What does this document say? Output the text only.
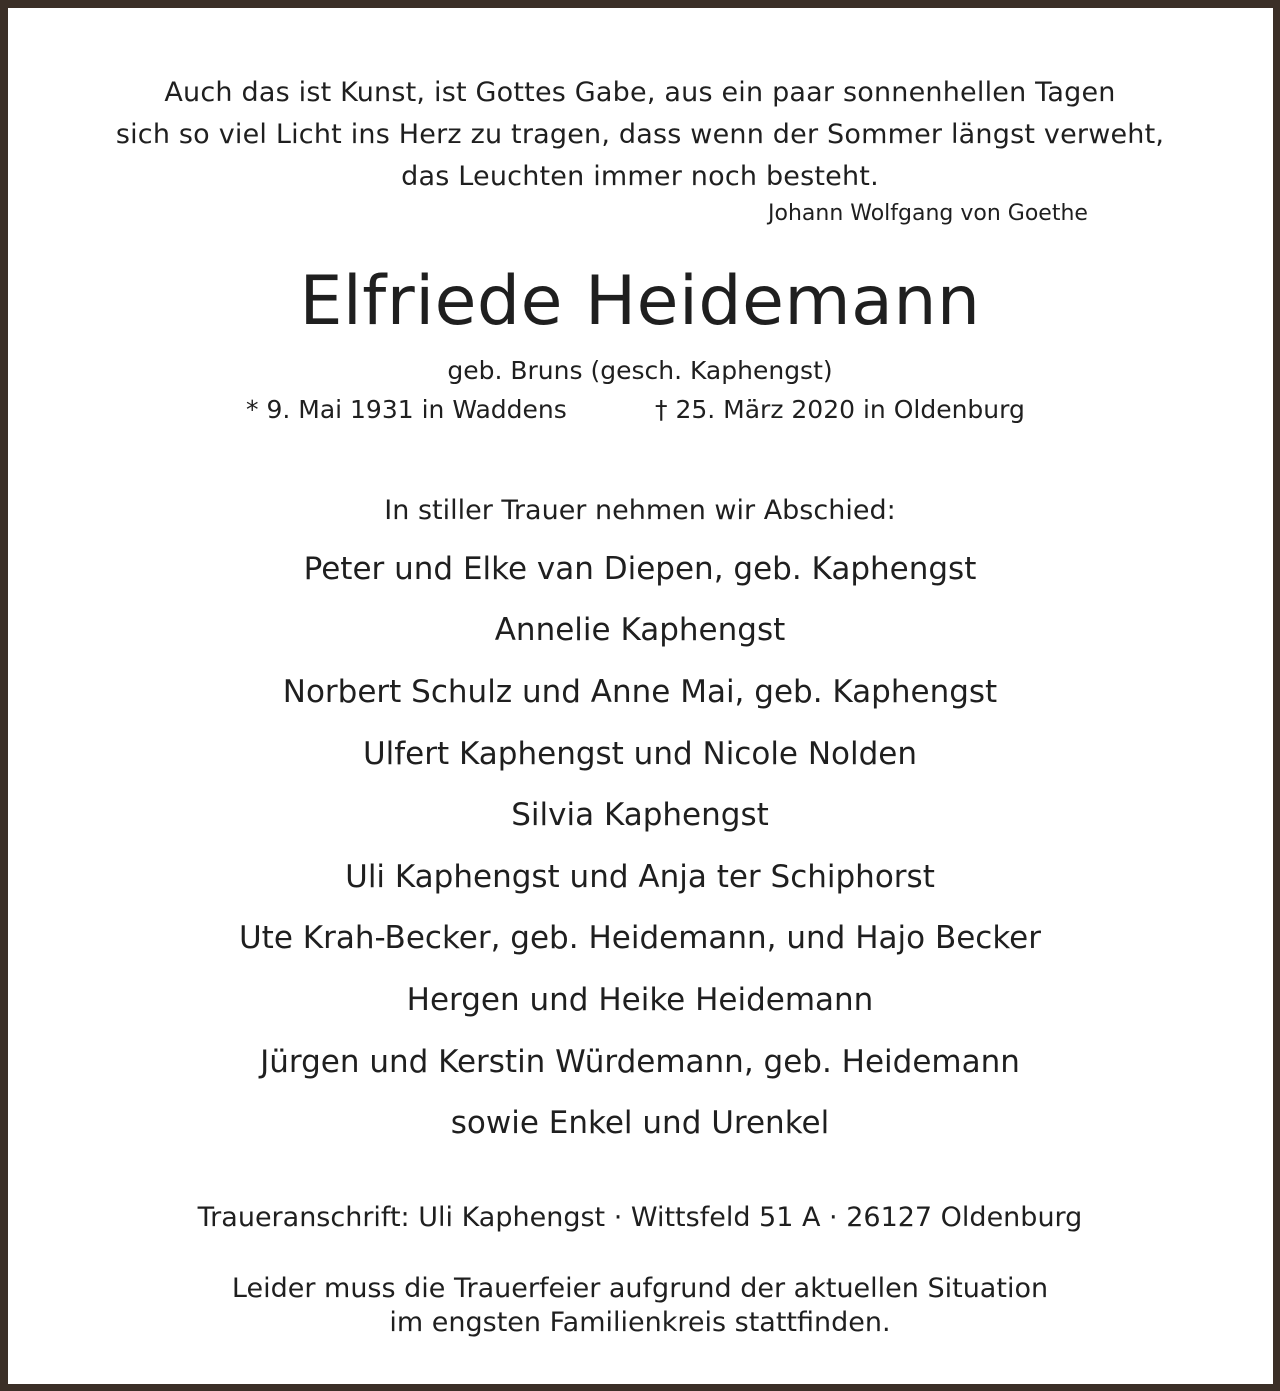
Auch das ist Kunst, ist Gottes Gabe, aus ein paar sonnenhellen Tagen
sich so viel Licht ins Herz zu tragen, dass wenn der Sommer längst verweht,
das Leuchten immer noch besteht.
Johann Wolfgang von Goethe
Elfriede Heidemann
geb. Bruns (gesch. Kaphengst)
* 9. Mai 1931 in Waddens	† 25. März 2020 in Oldenburg
In stiller Trauer nehmen wir Abschied:
Peter und Elke van Diepen, geb. Kaphengst
Annelie Kaphengst
Norbert Schulz und Anne Mai, geb. Kaphengst
Ulfert Kaphengst und Nicole Nolden
Silvia Kaphengst
Uli Kaphengst und Anja ter Schiphorst
Ute Krah-Becker, geb. Heidemann, und Hajo Becker
Hergen und Heike Heidemann
Jürgen und Kerstin Würdemann, geb. Heidemann
sowie Enkel und Urenkel
Traueranschrift: Uli Kaphengst · Wittsfeld 51 A · 26127 Oldenburg
Leider muss die Trauerfeier aufgrund der aktuellen Situation
im engsten Familienkreis stattfinden.
